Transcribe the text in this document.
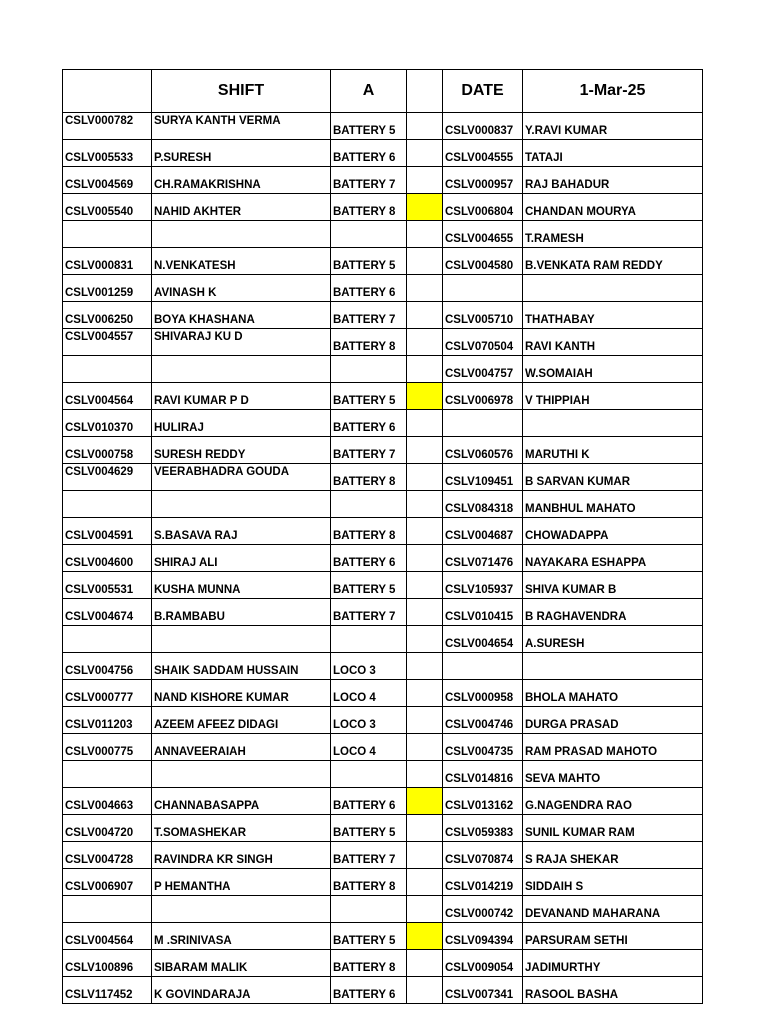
	SHIFT	A		DATE	1-Mar-25
CSLV000782	SURYA KANTH VERMA	BATTERY 5		CSLV000837	Y.RAVI KUMAR
CSLV005533	P.SURESH	BATTERY 6		CSLV004555	TATAJI
CSLV004569	CH.RAMAKRISHNA	BATTERY 7		CSLV000957	RAJ BAHADUR
CSLV005540	NAHID AKHTER	BATTERY 8		CSLV006804	CHANDAN MOURYA
				CSLV004655	T.RAMESH
CSLV000831	N.VENKATESH	BATTERY 5		CSLV004580	B.VENKATA RAM REDDY
CSLV001259	AVINASH K	BATTERY 6			
CSLV006250	BOYA KHASHANA	BATTERY 7		CSLV005710	THATHABAY
CSLV004557	SHIVARAJ KU D	BATTERY 8		CSLV070504	RAVI KANTH
				CSLV004757	W.SOMAIAH
CSLV004564	RAVI KUMAR P D	BATTERY 5		CSLV006978	V THIPPIAH
CSLV010370	HULIRAJ	BATTERY 6			
CSLV000758	SURESH REDDY	BATTERY 7		CSLV060576	MARUTHI K
CSLV004629	VEERABHADRA GOUDA	BATTERY 8		CSLV109451	B SARVAN KUMAR
				CSLV084318	MANBHUL MAHATO
CSLV004591	S.BASAVA RAJ	BATTERY 8		CSLV004687	CHOWADAPPA
CSLV004600	SHIRAJ ALI	BATTERY 6		CSLV071476	NAYAKARA ESHAPPA
CSLV005531	KUSHA MUNNA	BATTERY 5		CSLV105937	SHIVA KUMAR B
CSLV004674	B.RAMBABU	BATTERY 7		CSLV010415	B RAGHAVENDRA
				CSLV004654	A.SURESH
CSLV004756	SHAIK SADDAM HUSSAIN	LOCO 3			
CSLV000777	NAND KISHORE KUMAR	LOCO 4		CSLV000958	BHOLA MAHATO
CSLV011203	AZEEM AFEEZ DIDAGI	LOCO 3		CSLV004746	DURGA PRASAD
CSLV000775	ANNAVEERAIAH	LOCO 4		CSLV004735	RAM PRASAD MAHOTO
				CSLV014816	SEVA MAHTO
CSLV004663	CHANNABASAPPA	BATTERY 6		CSLV013162	G.NAGENDRA RAO
CSLV004720	T.SOMASHEKAR	BATTERY 5		CSLV059383	SUNIL KUMAR RAM
CSLV004728	RAVINDRA KR SINGH	BATTERY 7		CSLV070874	S RAJA SHEKAR
CSLV006907	P HEMANTHA	BATTERY 8		CSLV014219	SIDDAIH S
				CSLV000742	DEVANAND MAHARANA
CSLV004564	M .SRINIVASA	BATTERY 5		CSLV094394	PARSURAM SETHI
CSLV100896	SIBARAM MALIK	BATTERY 8		CSLV009054	JADIMURTHY
CSLV117452	K GOVINDARAJA	BATTERY 6		CSLV007341	RASOOL BASHA
